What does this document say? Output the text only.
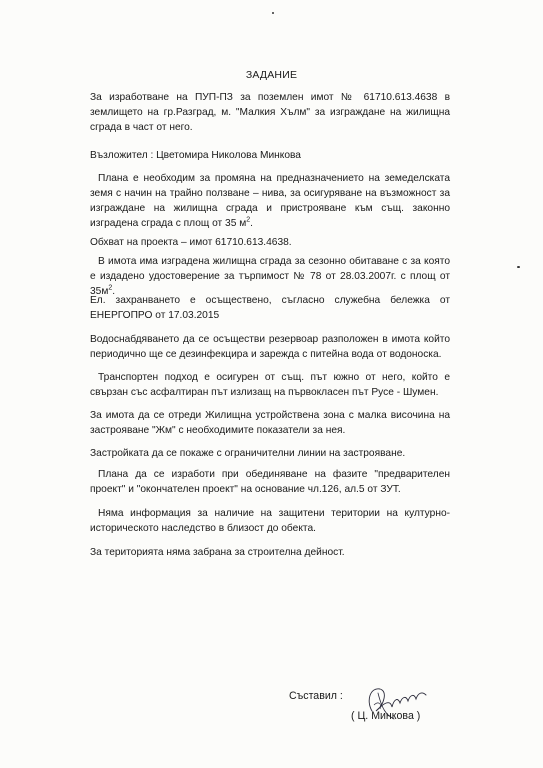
ЗАДАНИЕ
За изработване на ПУП-ПЗ за поземлен имот № 61710.613.4638 в землището на гр.Разград, м. "Малкия Хълм" за изграждане на жилищна сграда в част от него.
Възложител : Цветомира Николова Минкова
Плана е необходим за промяна на предназначението на земеделската земя с начин на трайно ползване – нива, за осигуряване на възможност за изграждане на жилищна сграда и пристрояване към същ. законно изградена сграда с площ от 35 $м^2$.
Обхват на проекта – имот 61710.613.4638.
В имота има изградена жилищна сграда за сезонно обитаване с за която е издадено удостоверение за търпимост № 78 от 28.03.2007г. с площ от $35м^2$.
Ел. захранването е осъществено, съгласно служебна бележка от ЕНЕРГОПРО от 17.03.2015
Водоснабдяването да се осъществи резервоар разположен в имота който периодично ще се дезинфекцира и зарежда с питейна вода от водоноска.
Транспортен подход е осигурен от същ. път южно от него, който е свързан със асфалтиран път излизащ на първокласен път Русе - Шумен.
За имота да се отреди Жилищна устройствена зона с малка височина на застрояване "Жм" с необходимите показатели за нея.
Застройката да се покаже с ограничителни линии на застрояване.
Плана да се изработи при обединяване на фазите "предварителен проект" и "окончателен проект" на основание чл.126, ал.5 от ЗУТ.
Няма информация за наличие на защитени територии на културно-историческото наследство в близост до обекта.
За територията няма забрана за строителна дейност.
Съставил :
( Ц. Минкова )
